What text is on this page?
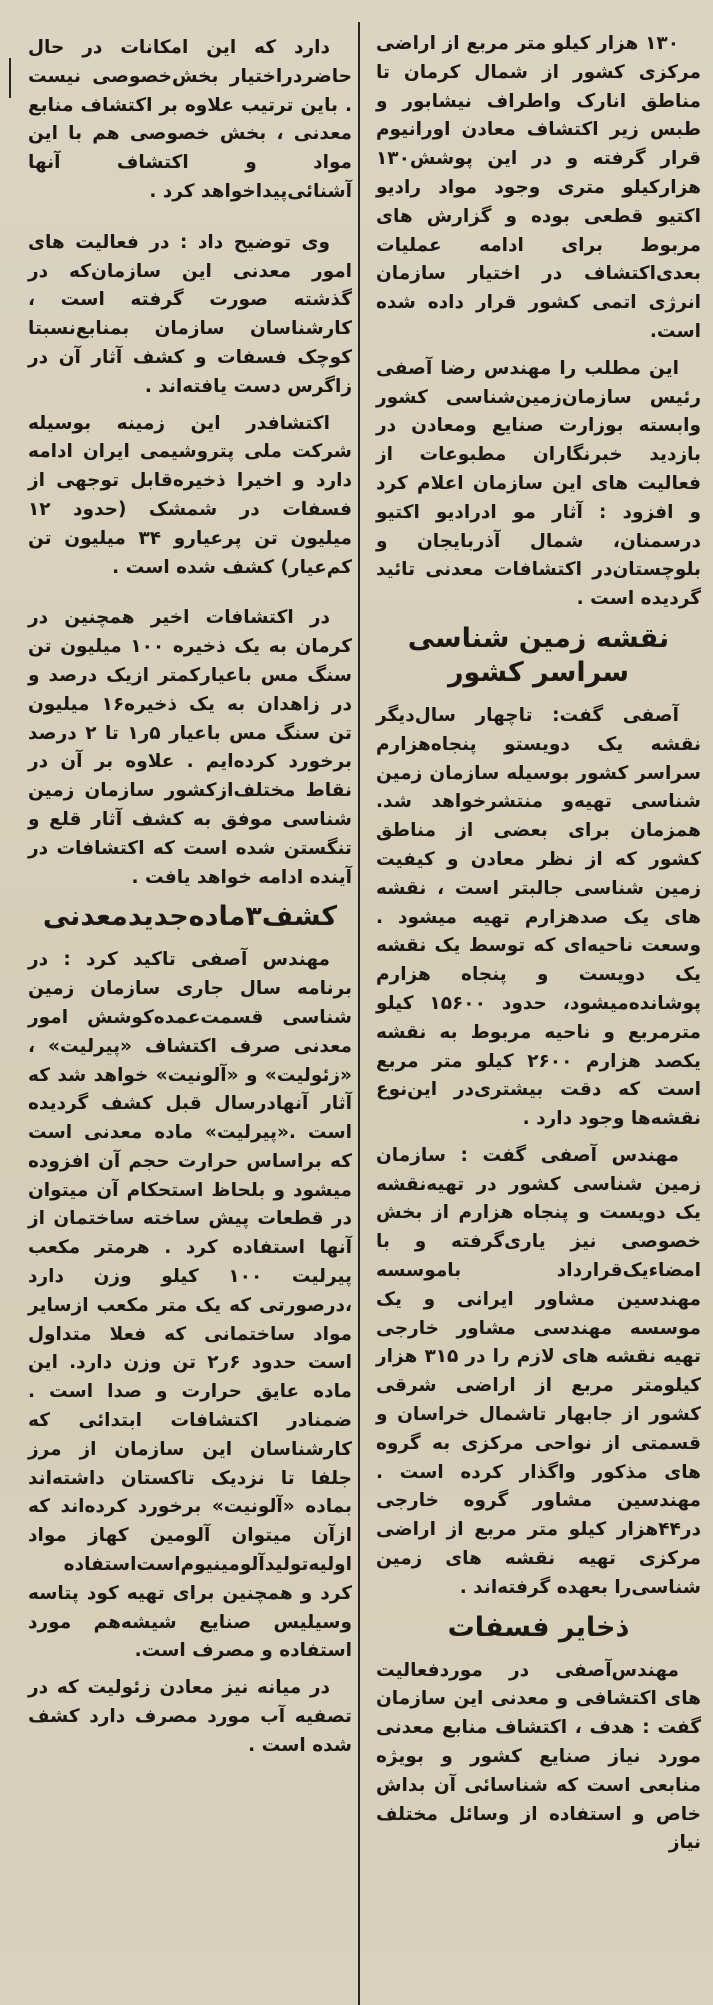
۱۳۰ هزار کیلو متر مربع از اراضی مرکزی کشور از شمال کرمان تا مناطق انارک واطراف نیشابور و طبس زیر اکتشاف معادن اورانیوم قرار گرفته و در این پوشش۱۳۰ هزارکیلو متری وجود مواد رادیو اکتیو قطعی بوده و گزارش های مربوط برای ادامه عملیات بعدی‌اکتشاف در اختیار سازمان انرژی اتمی کشور قرار داده شده است.

این مطلب را مهندس رضا آصفی رئیس سازمان‌زمین‌شناسی کشور وابسته بوزارت صنایع و‌معادن در بازدید خبرنگاران مطبوعات از فعالیت های این سازمان اعلام کرد و افزود : آثار مو اد‌رادیو اکتیو درسمنان، شمال آذربایجان و بلوچستان‌در اکتشافات معدنی تائید گردیده است .

نقشه زمین شناسی
سراسر کشور

آصفی گفت: تاچهار سال‌دیگر نقشه یک دویستو پنجاه‌هزارم سراسر کشور بوسیله سازمان زمین شناسی تهیه‌و منتشرخواهد شد. همزمان برای بعضی از مناطق کشور که از نظر معادن و کیفیت زمین شناسی جالبتر است ، نقشه های یک صدهزارم تهیه میشود . وسعت ناحیه‌ای که توسط یک نقشه یک دویست و پنجاه هزارم پوشانده‌میشود، حدود ۱۵۶۰۰ کیلو مترمربع و ناحیه مربوط به نقشه یکصد هزارم ۲۶۰۰ کیلو متر مربع است که دقت بیشتری‌در این‌نوع نقشه‌ها وجود دارد .

مهندس آصفی گفت : سازمان زمین شناسی کشور در تهیه‌نقشه یک دویست و پنجاه هزارم از بخش خصوصی نیز یاری‌گرفته و با امضاءیک‌قرارداد باموسسه مهندسین مشاور ایرانی و یک موسسه مهندسی مشاور خارجی تهیه نقشه های لازم را در ۳۱۵ هزار کیلومتر مربع از اراضی شرقی کشور از جابهار تاشمال خراسان و قسمتی از نواحی مرکزی به گروه های مذکور واگذار کرده است . مهندسین مشاور گروه خارجی در۴۴هزار کیلو متر مربع از اراضی مرکزی تهیه نقشه های زمین شناسی‌را بعهده گرفته‌اند .

ذخایر فسفات

مهندس‌آصفی در موردفعالیت های اکتشافی و معدنی این سازمان گفت : هدف ، اکتشاف منابع معدنی مورد نیاز صنایع کشور و بویژه منابعی است که شناسائی آن بداش خاص و استفاده از وسائل مختلف نیاز

دارد که این امکانات در حال حاضردراختیار بخش‌خصوصی نیست . باین ترتیب علاوه بر اکتشاف منابع معدنی ، بخش خصوصی هم با این مواد و اکتشاف آنها آشنائی‌پیداخواهد کرد .

وی توضیح داد : در فعالیت های امور معدنی این سازمان‌که در گذشته صورت گرفته است ، کارشناسان سازمان بمنابع‌نسبتا کوچک فسفات و کشف آثار آن در زاگرس دست یافته‌اند .

اکتشافدر این زمینه بوسیله شرکت ملی پتروشیمی ایران ادامه دارد و اخیرا ذخیره‌قابل توجهی از فسفات در شمشک (حدود ۱۲ میلیون تن پرعیارو ۳۴ میلیون تن کم‌عیار) کشف شده است .

در اکتشافات اخیر همچنین در کرمان به یک ذخیره ۱۰۰ میلیون تن سنگ مس باعیارکمتر ازیک درصد و در زاهدان به یک ذخیره۱۶ میلیون تن سنگ مس باعیار ۵ر۱ تا ۲ درصد برخورد کرده‌ایم . علاوه بر آن در نقاط مختلف‌ازکشور سازمان زمین شناسی موفق به کشف آثار قلع و تنگستن شده است که اکتشافات در آینده ادامه خواهد یافت .

کشف۳ماده‌جدید‌معدنی

مهندس آصفی تاکید کرد : در برنامه سال جاری سازمان زمین شناسی قسمت‌عمده‌کوشش امور معدنی صرف اکتشاف «پیرلیت» ، «زئولیت» و «آلونیت» خواهد شد که آثار آنهادرسال قبل کشف گردیده است .«پیرلیت» ماده معدنی است که براساس حرارت حجم آن افزوده میشود و بلحاظ استحکام آن میتوان در قطعات پیش ساخته ساختمان از آنها استفاده کرد . هرمتر مکعب پیرلیت ۱۰۰ کیلو وزن دارد ،درصورتی که یک متر مکعب ازسایر مواد ساختمانی که فعلا متداول است حدود ۶ر۲ تن وزن دارد. این ماده عایق حرارت و صدا است . ضمنادر اکتشافات ابتدائی که کارشناسان این سازمان از مرز جلفا تا نزدیک تاکستان داشته‌اند بماده «آلونیت» برخورد کرده‌اند که ازآن میتوان آلومین کهاز مواد اولیه‌تولیدآلومینیوم‌است‌استفاده کرد و همچنین برای تهیه کود پتاسه وسیلیس صنایع شیشه‌هم مورد استفاده و مصرف است.

در میانه نیز معادن زئولیت که در تصفیه آب مورد مصرف دارد کشف شده است .
